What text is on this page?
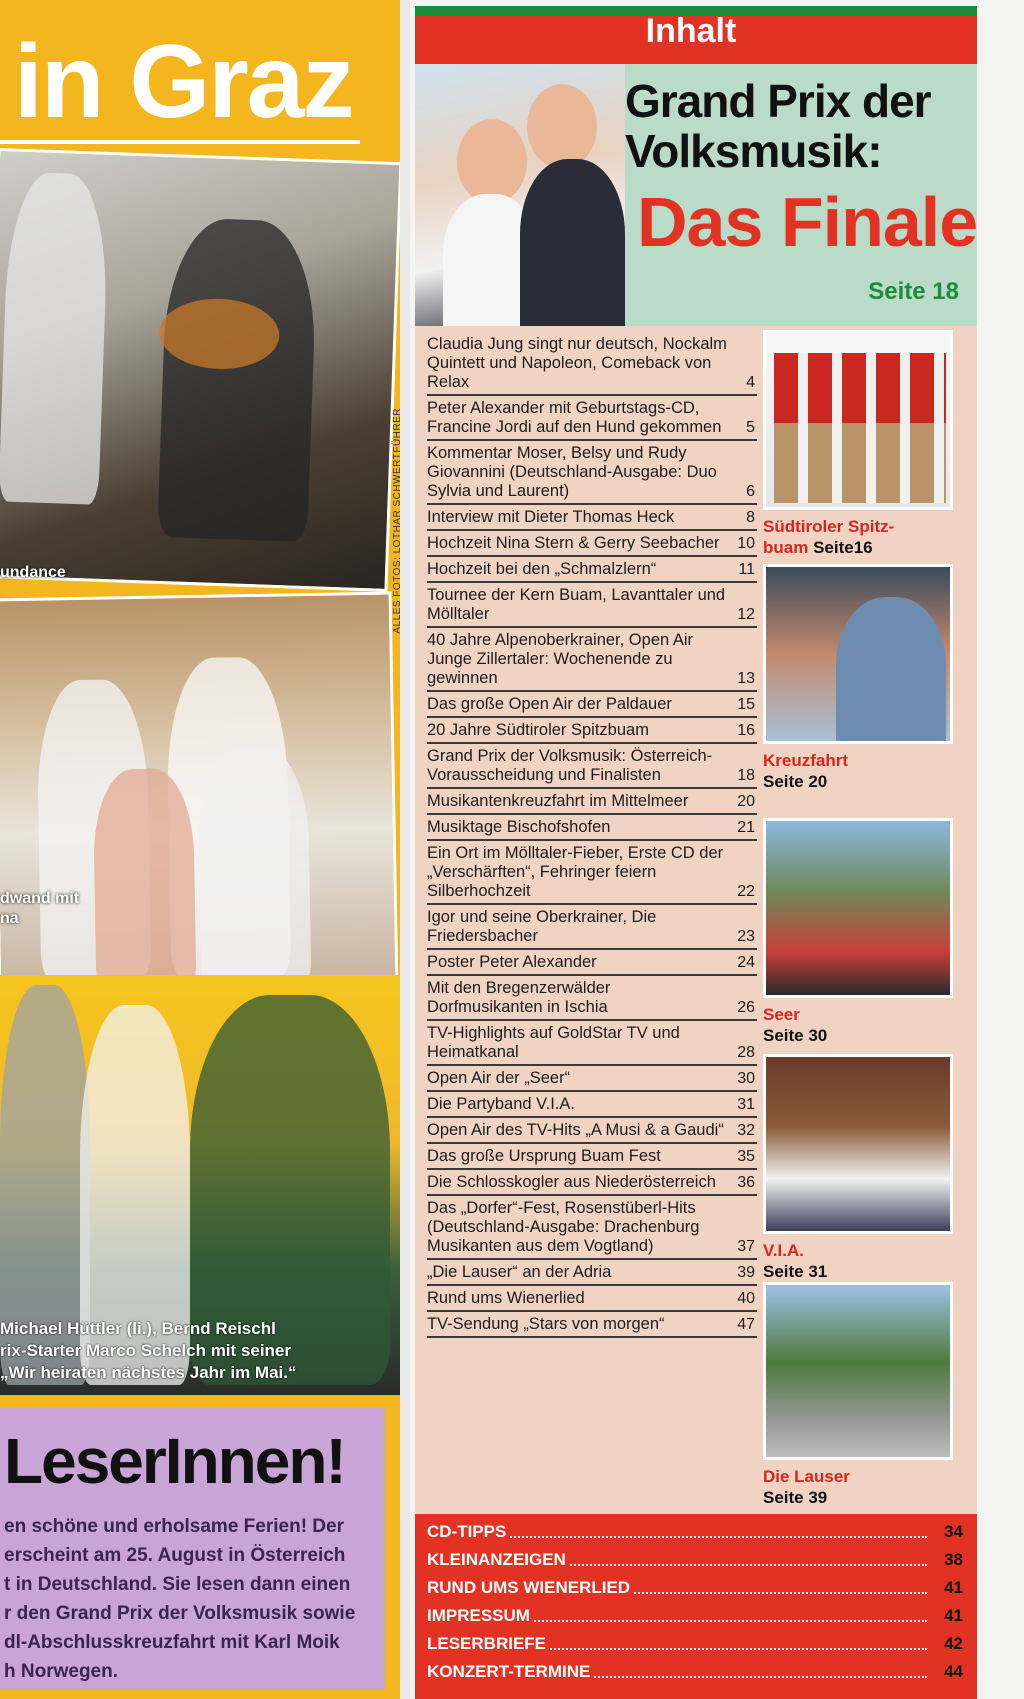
in Graz
undance
dwand mit
na
Michael Hüttler (li.), Bernd Reischl
rix-Starter Marco Schelch mit seiner
„Wir heiraten nächstes Jahr im Mai.“
LeserInnen!
en schöne und erholsame Ferien! Der
erscheint am 25. August in Österreich
t in Deutschland. Sie lesen dann einen
r den Grand Prix der Volksmusik sowie
dl-Abschlusskreuzfahrt mit Karl Moik
h Norwegen.
ALLES FOTOS: LOTHAR SCHWERTFÜHRER
Inhalt
Grand Prix der Volksmusik:
Das Finale
Seite 18
Claudia Jung singt nur deutsch, Nockalm Quintett und Napoleon, Comeback von Relax	4
Peter Alexander mit Geburtstags-CD, Francine Jordi auf den Hund gekommen 5
Kommentar Moser, Belsy und Rudy Giovannini (Deutschland-Ausgabe: Duo Sylvia und Laurent)	6
Interview mit Dieter Thomas Heck	8
Hochzeit Nina Stern & Gerry Seebacher 10
Hochzeit bei den „Schmalzlern“	11
Tournee der Kern Buam, Lavanttaler und Mölltaler	12
40 Jahre Alpenoberkrainer, Open Air Junge Zillertaler: Wochenende zu gewinnen	13
Das große Open Air der Paldauer	15
20 Jahre Südtiroler Spitzbuam	16
Grand Prix der Volksmusik: Österreich-Vorausscheidung und Finalisten	18
Musikantenkreuzfahrt im Mittelmeer	20
Musiktage Bischofshofen	21
Ein Ort im Mölltaler-Fieber, Erste CD der „Verschärften“, Fehringer feiern Silberhochzeit	22
Igor und seine Oberkrainer, Die Friedersbacher	23
Poster Peter Alexander	24
Mit den Bregenzerwälder Dorfmusikanten in Ischia	26
TV-Highlights auf GoldStar TV und Heimatkanal	28
Open Air der „Seer“	30
Die Partyband V.I.A.	31
Open Air des TV-Hits „A Musi & a Gaudi“ 32
Das große Ursprung Buam Fest	35
Die Schlosskogler aus Niederösterreich 36
Das „Dorfer“-Fest, Rosenstüberl-Hits (Deutschland-Ausgabe: Drachenburg Musikanten aus dem Vogtland)	37
„Die Lauser“ an der Adria	39
Rund ums Wienerlied	40
TV-Sendung „Stars von morgen“	47
Südtiroler Spitz-
buam Seite16
Kreuzfahrt
Seite 20
Seer
Seite 30
V.I.A.
Seite 31
Die Lauser
Seite 39
CD-TIPPS	34
KLEINANZEIGEN	38
RUND UMS WIENERLIED	41
IMPRESSUM	41
LESERBRIEFE	42
KONZERT-TERMINE	44
